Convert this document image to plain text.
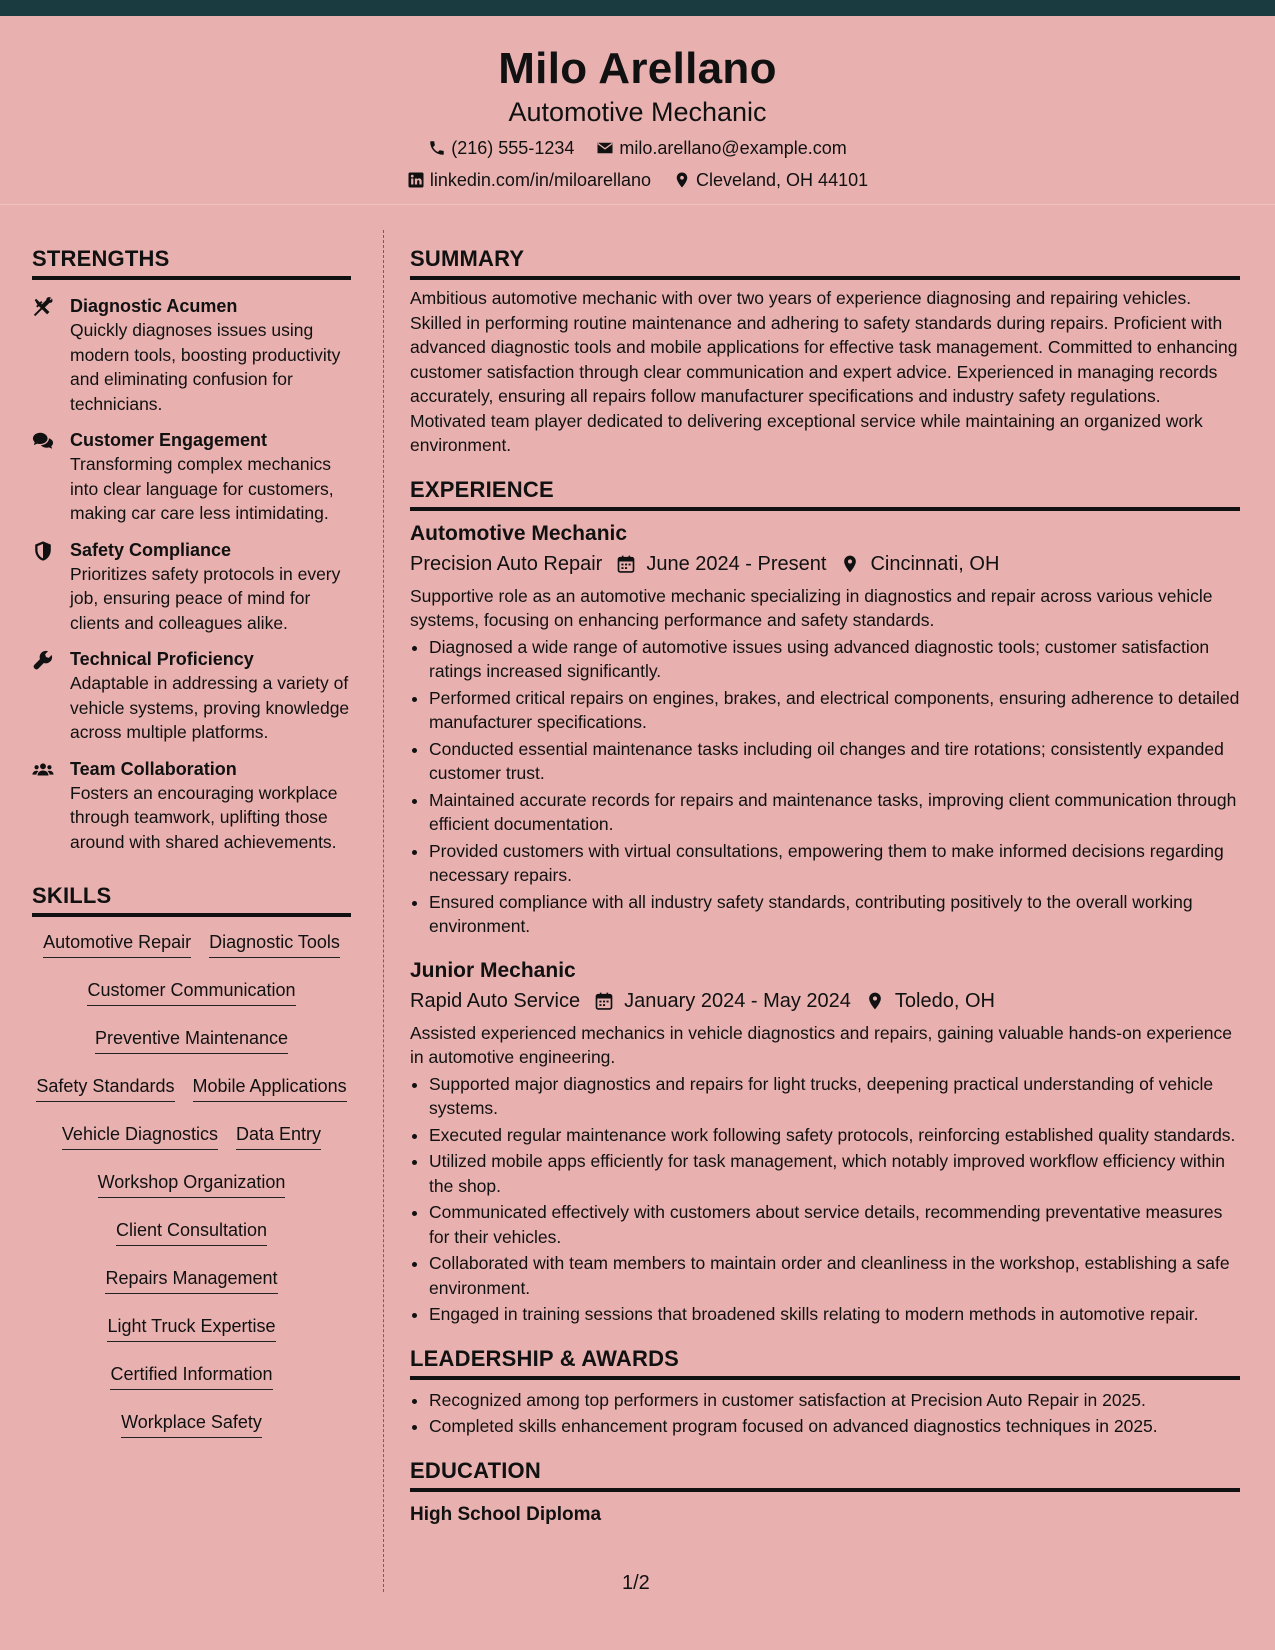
Milo Arellano
Automotive Mechanic
(216) 555-1234	milo.arellano@example.com
linkedin.com/in/miloarellano	Cleveland, OH 44101
STRENGTHS
Diagnostic Acumen
Quickly diagnoses issues using modern tools, boosting productivity and eliminating confusion for technicians.
Customer Engagement
Transforming complex mechanics into clear language for customers, making car care less intimidating.
Safety Compliance
Prioritizes safety protocols in every job, ensuring peace of mind for clients and colleagues alike.
Technical Proficiency
Adaptable in addressing a variety of vehicle systems, proving knowledge across multiple platforms.
Team Collaboration
Fosters an encouraging workplace through teamwork, uplifting those around with shared achievements.
SKILLS
Automotive Repair Diagnostic Tools
Customer Communication
Preventive Maintenance
Safety Standards Mobile Applications
Vehicle Diagnostics Data Entry
Workshop Organization
Client Consultation
Repairs Management
Light Truck Expertise
Certified Information
Workplace Safety
SUMMARY

Ambitious automotive mechanic with over two years of experience diagnosing and repairing vehicles. Skilled in performing routine maintenance and adhering to safety standards during repairs. Proficient with advanced diagnostic tools and mobile applications for effective task management. Committed to enhancing customer satisfaction through clear communication and expert advice. Experienced in managing records accurately, ensuring all repairs follow manufacturer specifications and industry safety regulations. Motivated team player dedicated to delivering exceptional service while maintaining an organized work environment.

EXPERIENCE
Automotive Mechanic
Precision Auto Repair June 2024 - Present Cincinnati, OH
Supportive role as an automotive mechanic specializing in diagnostics and repair across various vehicle systems, focusing on enhancing performance and safety standards.
• Diagnosed a wide range of automotive issues using advanced diagnostic tools; customer satisfaction ratings increased significantly.
• Performed critical repairs on engines, brakes, and electrical components, ensuring adherence to detailed manufacturer specifications.
• Conducted essential maintenance tasks including oil changes and tire rotations; consistently expanded customer trust.
• Maintained accurate records for repairs and maintenance tasks, improving client communication through efficient documentation.
• Provided customers with virtual consultations, empowering them to make informed decisions regarding necessary repairs.
• Ensured compliance with all industry safety standards, contributing positively to the overall working environment.
Junior Mechanic
Rapid Auto Service January 2024 - May 2024 Toledo, OH
Assisted experienced mechanics in vehicle diagnostics and repairs, gaining valuable hands-on experience in automotive engineering.
• Supported major diagnostics and repairs for light trucks, deepening practical understanding of vehicle systems.
• Executed regular maintenance work following safety protocols, reinforcing established quality standards.
• Utilized mobile apps efficiently for task management, which notably improved workflow efficiency within the shop.
• Communicated effectively with customers about service details, recommending preventative measures for their vehicles.
• Collaborated with team members to maintain order and cleanliness in the workshop, establishing a safe environment.
• Engaged in training sessions that broadened skills relating to modern methods in automotive repair.
LEADERSHIP & AWARDS
• Recognized among top performers in customer satisfaction at Precision Auto Repair in 2025.
• Completed skills enhancement program focused on advanced diagnostics techniques in 2025.
EDUCATION
High School Diploma
1/2
